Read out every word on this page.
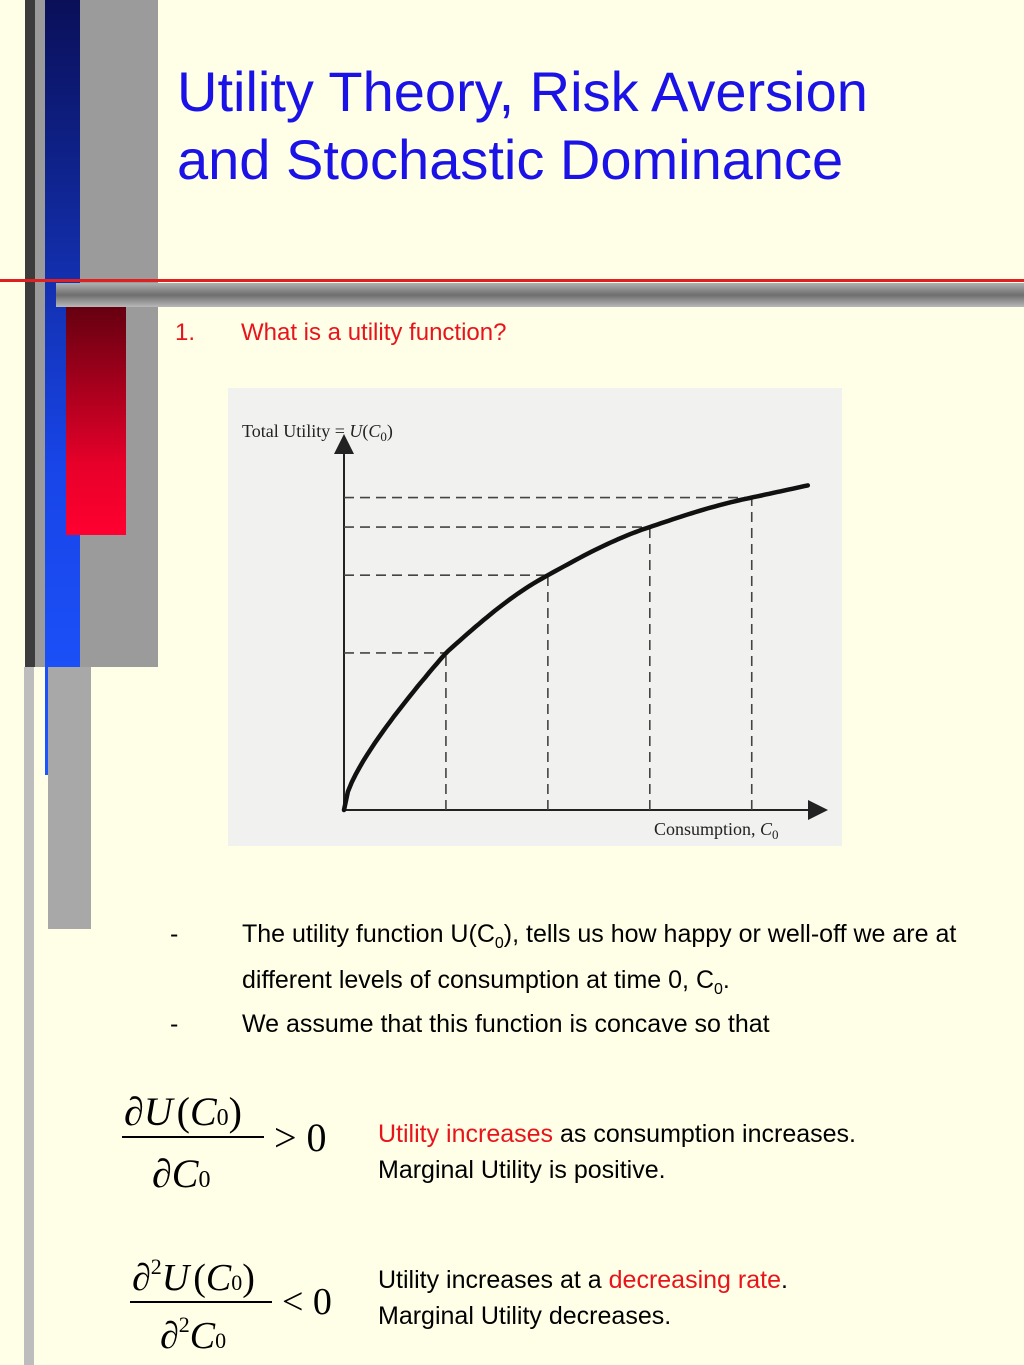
Utility Theory, Risk Aversion
and Stochastic Dominance
1. What is a utility function?
Total Utility = $U(C_0)$
Consumption, $C_0$
-	The utility function $U(C_0)$, tells us how happy or well-off we are at different levels of consumption at time 0, $C_0$.
-	We assume that this function is concave so that
∂U (C0)
∂C0
> 0 Utility increases as consumption increases.
Marginal Utility is positive.
∂$^2$U (C0)
∂$^2$C0
< 0
Utility increases at a decreasing rate.
Marginal Utility decreases.
